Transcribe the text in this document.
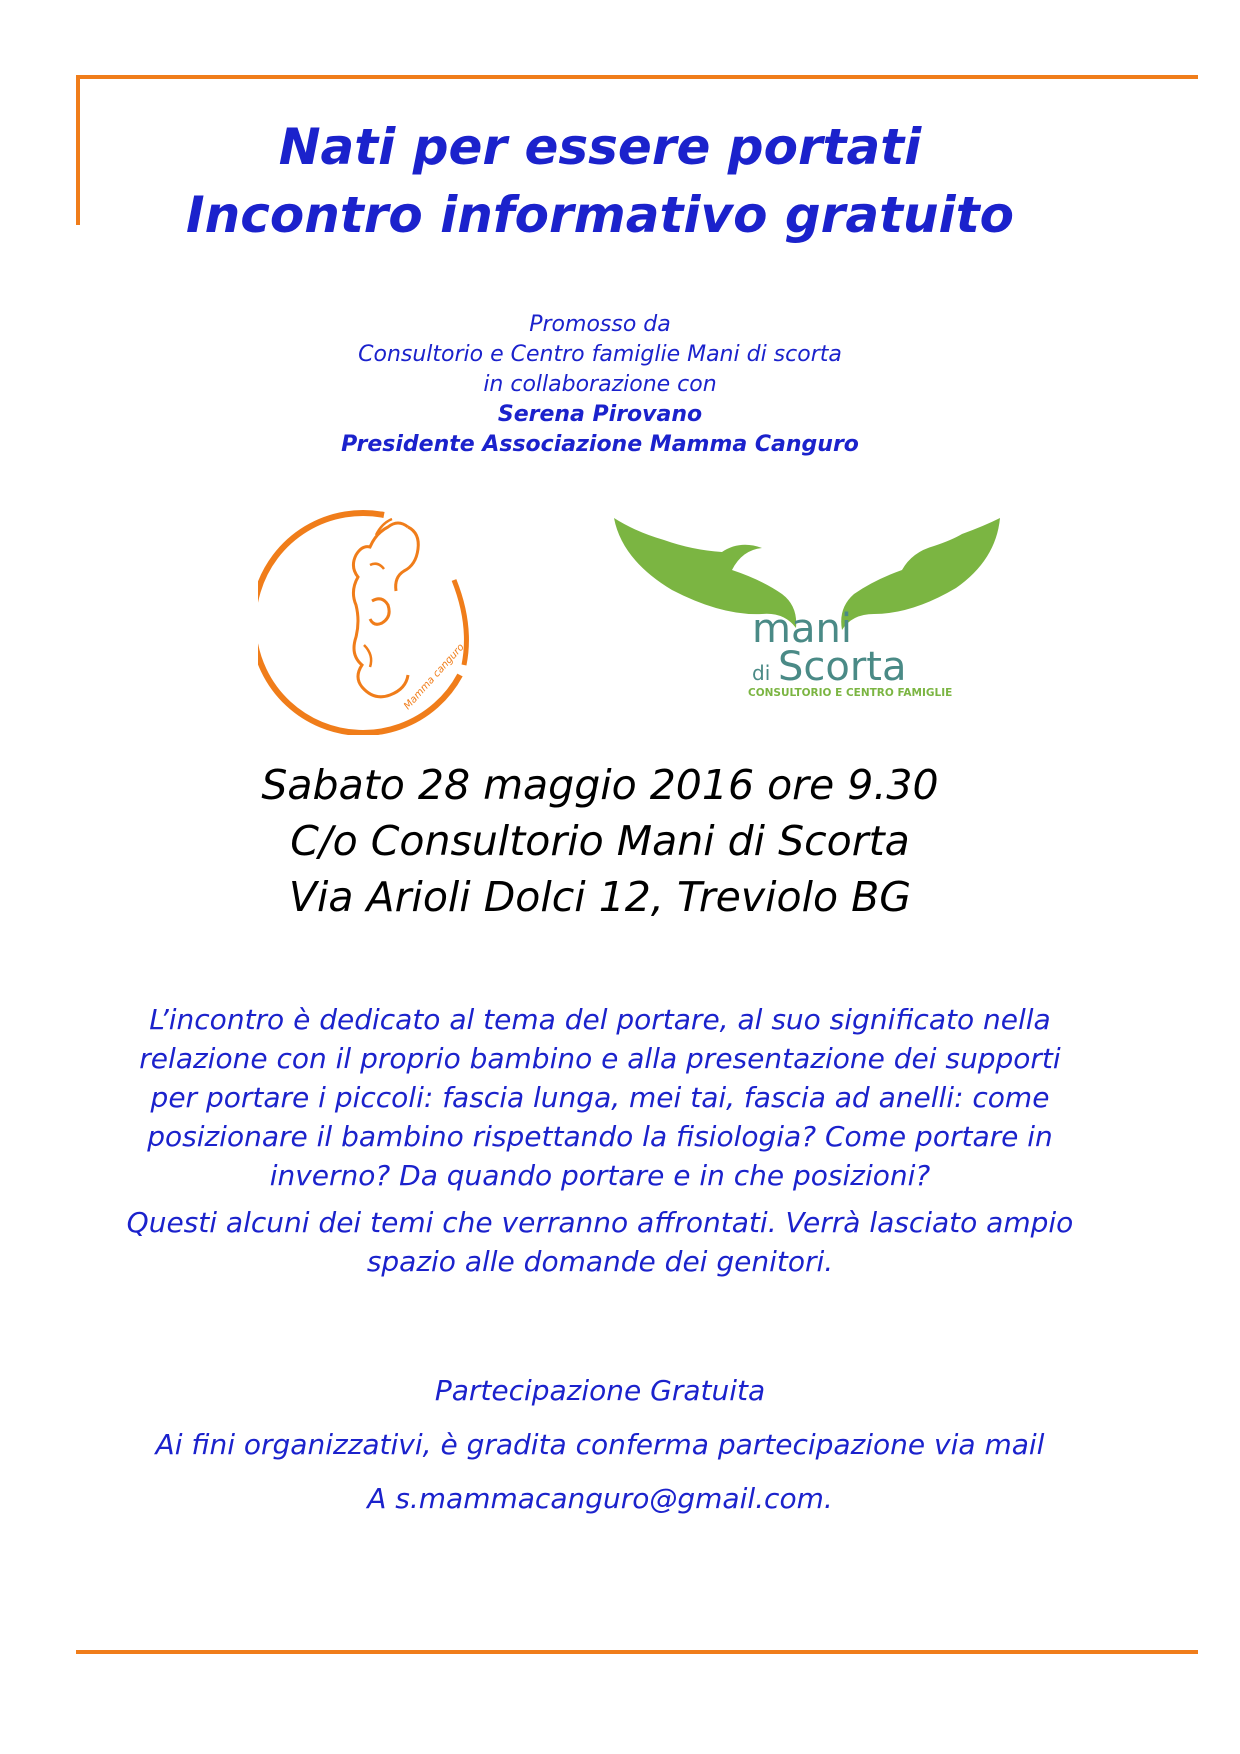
Nati per essere portati
Incontro informativo gratuito
Promosso da
Consultorio e Centro famiglie Mani di scorta
in collaborazione con
Serena Pirovano
Presidente Associazione Mamma Canguro
Mamma canguro
mani
di Scorta
CONSULTORIO E CENTRO FAMIGLIE
Sabato 28 maggio 2016 ore 9.30
C/o Consultorio Mani di Scorta
Via Arioli Dolci 12, Treviolo BG

L’incontro è dedicato al tema del portare, al suo significato nella relazione con il proprio bambino e alla presentazione dei supporti per portare i piccoli: fascia lunga, mei tai, fascia ad anelli: come posizionare il bambino rispettando la fisiologia? Come portare in inverno? Da quando portare e in che posizioni?

Questi alcuni dei temi che verranno affrontati. Verrà lasciato ampio spazio alle domande dei genitori.

Partecipazione Gratuita
Ai fini organizzativi, è gradita conferma partecipazione via mail
A s.mammacanguro@gmail.com.
